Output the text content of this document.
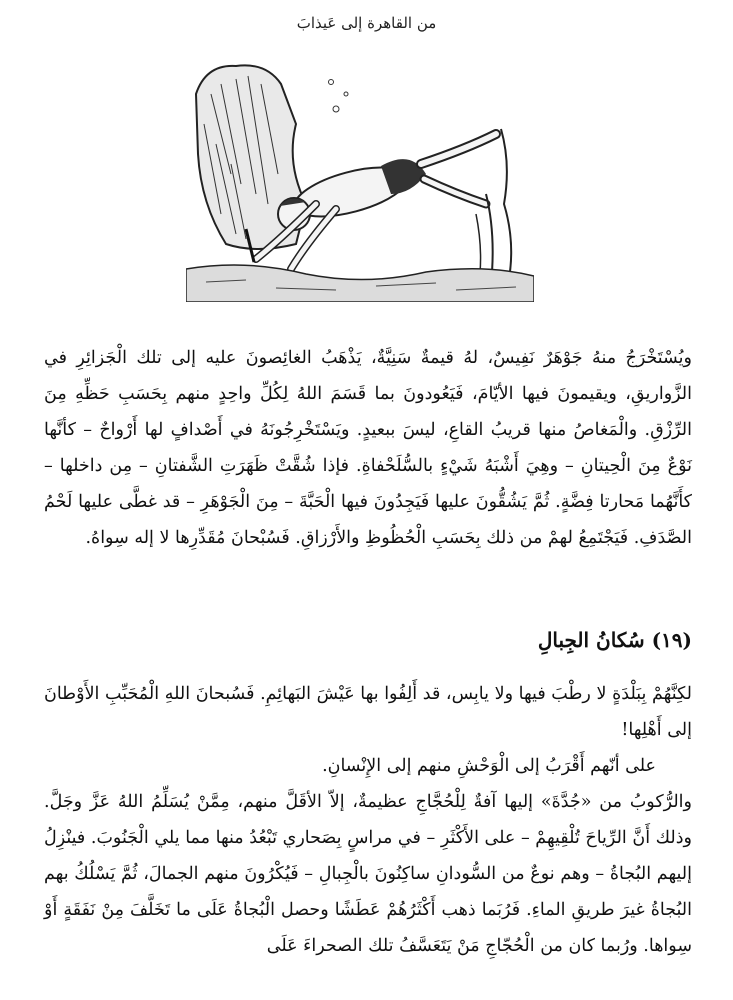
من القاهرة إلى عَيذابَ

ويُسْتَخْرَجُ منهُ جَوْهَرٌ نَفِيسٌ، لهُ قيمةٌ سَنِيَّةٌ، يَذْهَبُ الغائِصونَ عليه إلى تلك الْجَزائِرِ في الزَّواريقِ، ويقيمونَ فيها الأيّامَ، فَيَعُودونَ بما قَسَمَ اللهُ لِكُلِّ واحِدٍ منهم بِحَسَبِ حَظِّهِ مِنَ الرِّزْقِ. والْمَغاصُ منها قريبُ القاعِ، ليسَ ببعيدٍ. ويَسْتَخْرِجُونَهُ في أَصْدافٍ لها أَرْواحٌ – كأنَّها نَوْعٌ مِنَ الْحِيتانِ – وهِيَ أَشْبَهُ شَيْءٍ بالسُّلَحْفاةِ. فإذا شُقَّتْ ظَهَرَتِ الشَّفتانِ – مِن داخلها – كأَنَّهُما مَحارتا فِضَّةٍ. ثُمَّ يَشُقُّونَ عليها فَيَجِدُونَ فيها الْحَبَّةَ – مِنَ الْجَوْهَرِ – قد غطَّى عليها لَحْمُ الصَّدَفِ. فَيَجْتَمِعُ لهمْ من ذلك بِحَسَبِ الْحُظُوظِ والأَرْزاقِ. فَسُبْحانَ مُقَدِّرِها لا إله سِواهُ.

(١٩) سُكانُ الجِبالِ

لكِنَّهُمْ بِبَلْدَةٍ لا رطْبَ فيها ولا يابِس، قد أَلِفُوا بها عَيْشَ البَهائِمِ. فَسُبحانَ اللهِ الْمُحَبِّبِ الأَوْطانَ إلى أَهْلِها!

على أنّهم أَقْرَبُ إلى الْوَحْشِ منهم إلى الإِنْسانِ.

والرُّكوبُ من «جُدَّةَ» إليها آفةٌ لِلْحُجَّاجِ عظيمةٌ، إلاّ الأقَلَّ منهم، مِمَّنْ يُسَلِّمُ اللهُ عَزَّ وجَلَّ. وذلك أَنَّ الرِّياحَ تُلْقِيهِمْ – على الأَكْثَرِ – في مراسٍ بِصَحاري تَبْعُدُ منها مما يلي الْجَنُوبَ. فينْزِلُ إليهم البُجاةُ – وهم نوعٌ من السُّودانِ ساكِنُونَ بالْجِبالِ – فَيُكْرُونَ منهم الجمالَ، ثُمَّ يَسْلُكُ بهم البُجاةُ غيرَ طريقِ الماءِ. فَرُبَما ذهب أَكْثَرُهُمْ عَطَشًا وحصل الْبُجاةُ عَلَى ما تَخَلَّفَ مِنْ نَفَقَةٍ أَوْ سِواها. ورُبما كان من الْحُجّاجِ مَنْ يَتَعَسَّفُ تلك الصحراءَ عَلَى
